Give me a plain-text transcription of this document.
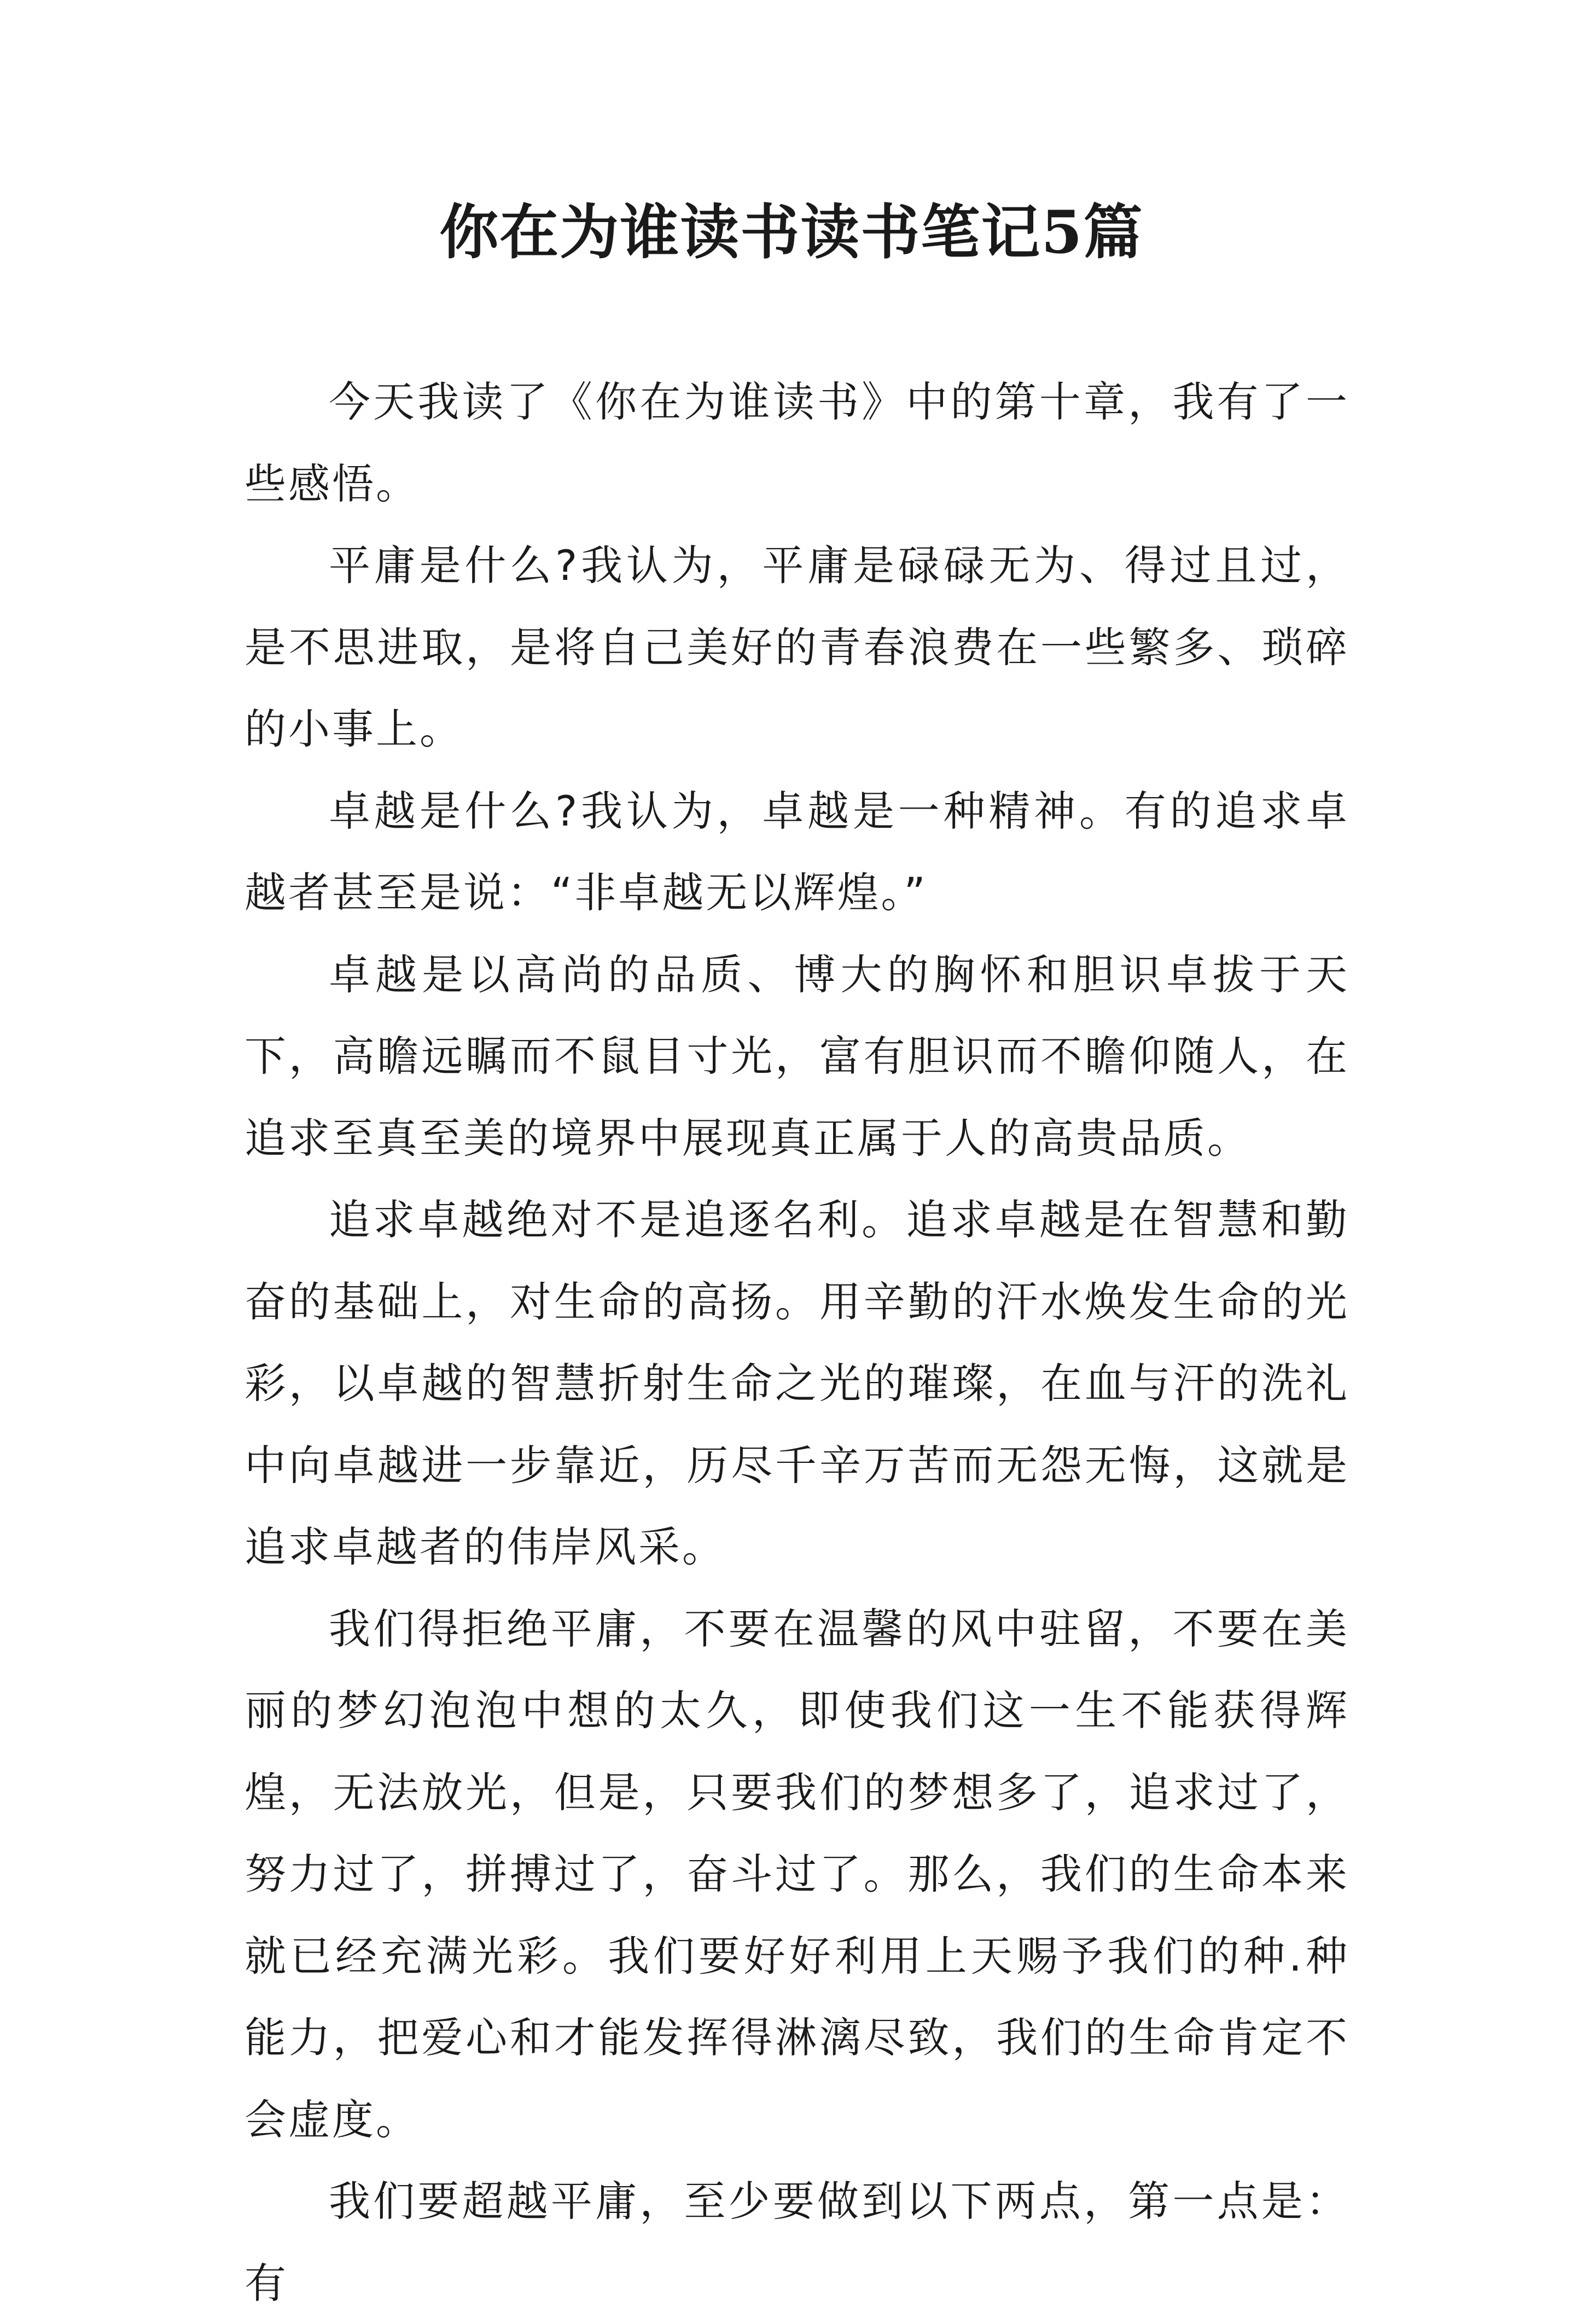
你在为谁读书读书笔记5篇

今天我读了《你在为谁读书》中的第十章，我有了一些感悟。

平庸是什么?我认为，平庸是碌碌无为、得过且过，是不思进取，是将自己美好的青春浪费在一些繁多、琐碎的小事上。

卓越是什么?我认为，卓越是一种精神。有的追求卓越者甚至是说：“非卓越无以辉煌。”

卓越是以高尚的品质、博大的胸怀和胆识卓拔于天下，高瞻远瞩而不鼠目寸光，富有胆识而不瞻仰随人，在追求至真至美的境界中展现真正属于人的高贵品质。

追求卓越绝对不是追逐名利。追求卓越是在智慧和勤奋的基础上，对生命的高扬。用辛勤的汗水焕发生命的光彩，以卓越的智慧折射生命之光的璀璨，在血与汗的洗礼中向卓越进一步靠近，历尽千辛万苦而无怨无悔，这就是追求卓越者的伟岸风采。

我们得拒绝平庸，不要在温馨的风中驻留，不要在美丽的梦幻泡泡中想的太久，即使我们这一生不能获得辉煌，无法放光，但是，只要我们的梦想多了，追求过了，努力过了，拼搏过了，奋斗过了。那么，我们的生命本来就已经充满光彩。我们要好好利用上天赐予我们的种.种能力，把爱心和才能发挥得淋漓尽致，我们的生命肯定不会虚度。

我们要超越平庸，至少要做到以下两点，第一点是：有
